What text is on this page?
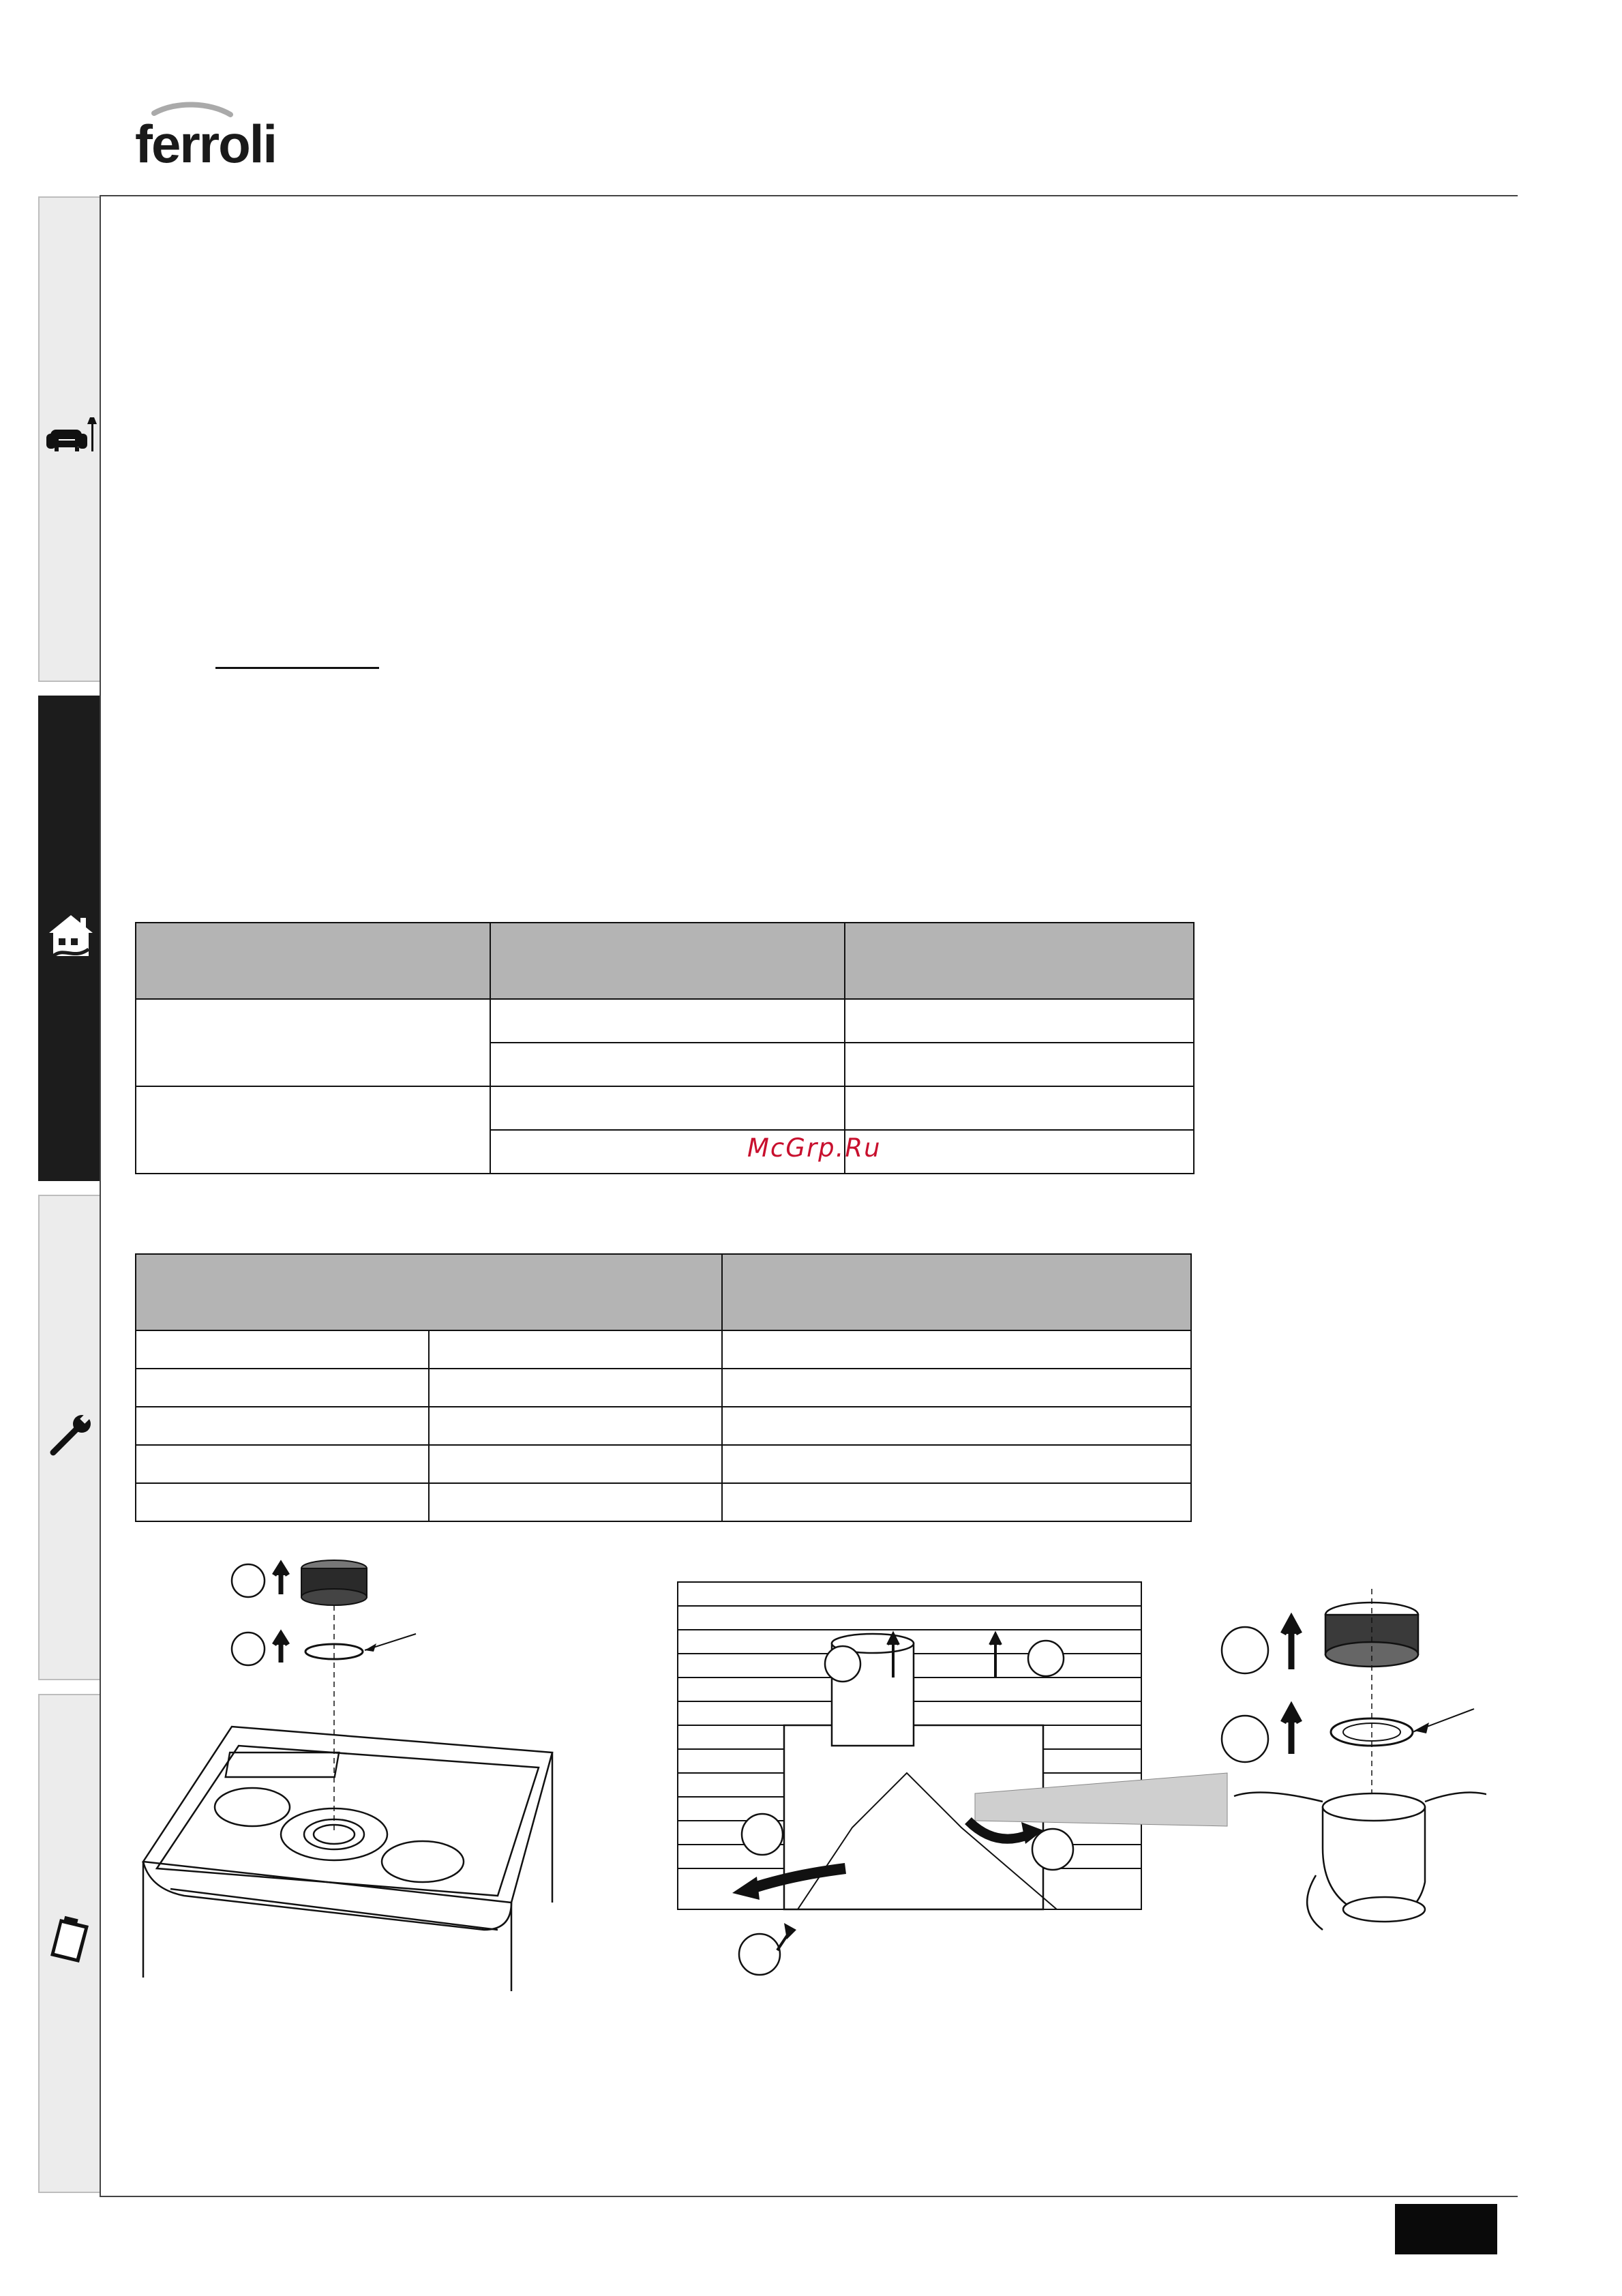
ferroli

McGrp.Ru
